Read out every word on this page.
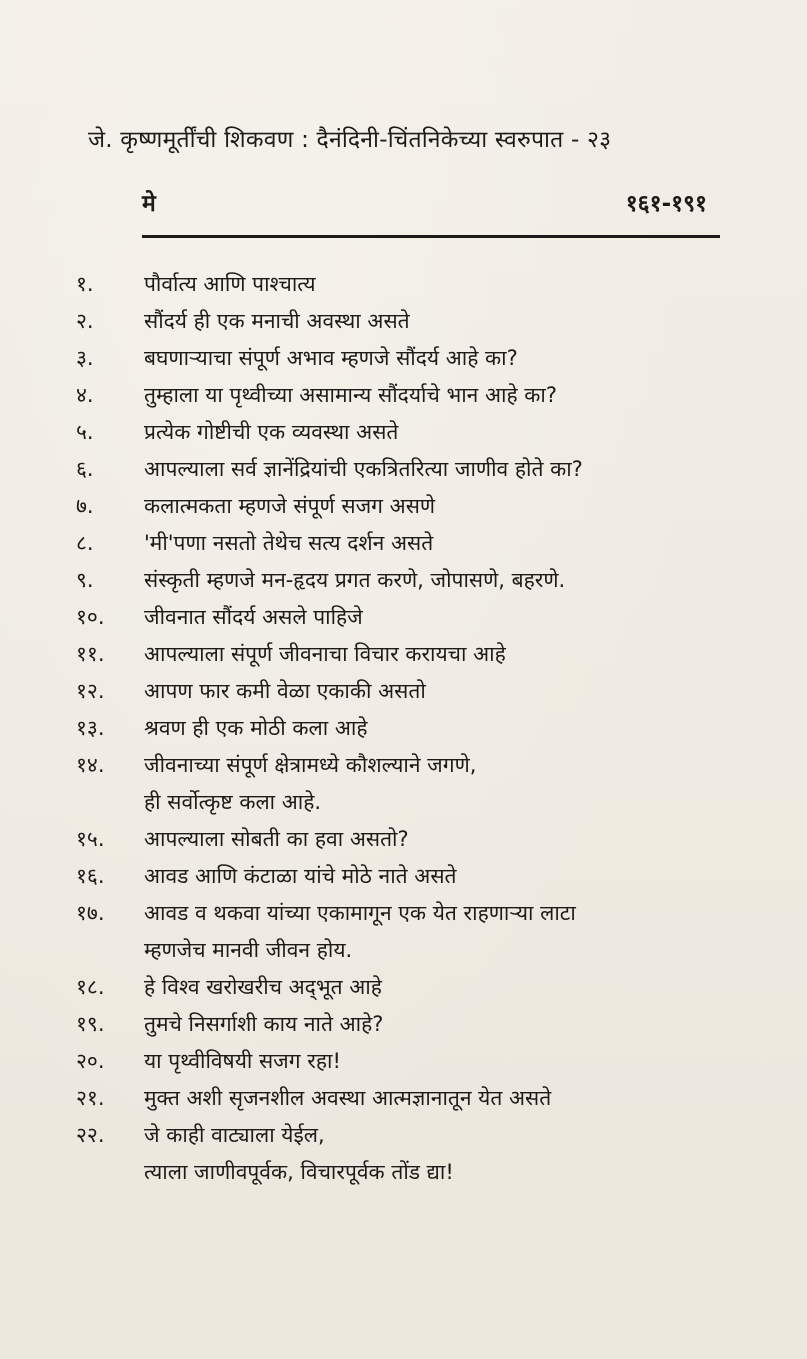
जे. कृष्णमूर्तींची शिकवण : दैनंदिनी-चिंतनिकेच्या स्वरुपात - २३
मे	१६१-१९१
१.	पौर्वात्य आणि पाश्चात्य
२.	सौंदर्य ही एक मनाची अवस्था असते
३.	बघणाऱ्याचा संपूर्ण अभाव म्हणजे सौंदर्य आहे का?
४.	तुम्हाला या पृथ्वीच्या असामान्य सौंदर्याचे भान आहे का?
५.	प्रत्येक गोष्टीची एक व्यवस्था असते
६.	आपल्याला सर्व ज्ञानेंद्रियांची एकत्रितरित्या जाणीव होते का?
७.	कलात्मकता म्हणजे संपूर्ण सजग असणे
८.	'मी'पणा नसतो तेथेच सत्य दर्शन असते
९.	संस्कृती म्हणजे मन-हृदय प्रगत करणे, जोपासणे, बहरणे.
१०.	जीवनात सौंदर्य असले पाहिजे
११.	आपल्याला संपूर्ण जीवनाचा विचार करायचा आहे
१२.	आपण फार कमी वेळा एकाकी असतो
१३.	श्रवण ही एक मोठी कला आहे
१४.	जीवनाच्या संपूर्ण क्षेत्रामध्ये कौशल्याने जगणे,
ही सर्वोत्कृष्ट कला आहे.
१५.	आपल्याला सोबती का हवा असतो?
१६.	आवड आणि कंटाळा यांचे मोठे नाते असते
१७.	आवड व थकवा यांच्या एकामागून एक येत राहणाऱ्या लाटा
म्हणजेच मानवी जीवन होय.
१८.	हे विश्व खरोखरीच अद्‌भूत आहे
१९.	तुमचे निसर्गाशी काय नाते आहे?
२०.	या पृथ्वीविषयी सजग रहा!
२१.	मुक्त अशी सृजनशील अवस्था आत्मज्ञानातून येत असते
२२.	जे काही वाट्याला येईल,
त्याला जाणीवपूर्वक, विचारपूर्वक तोंड द्या!
